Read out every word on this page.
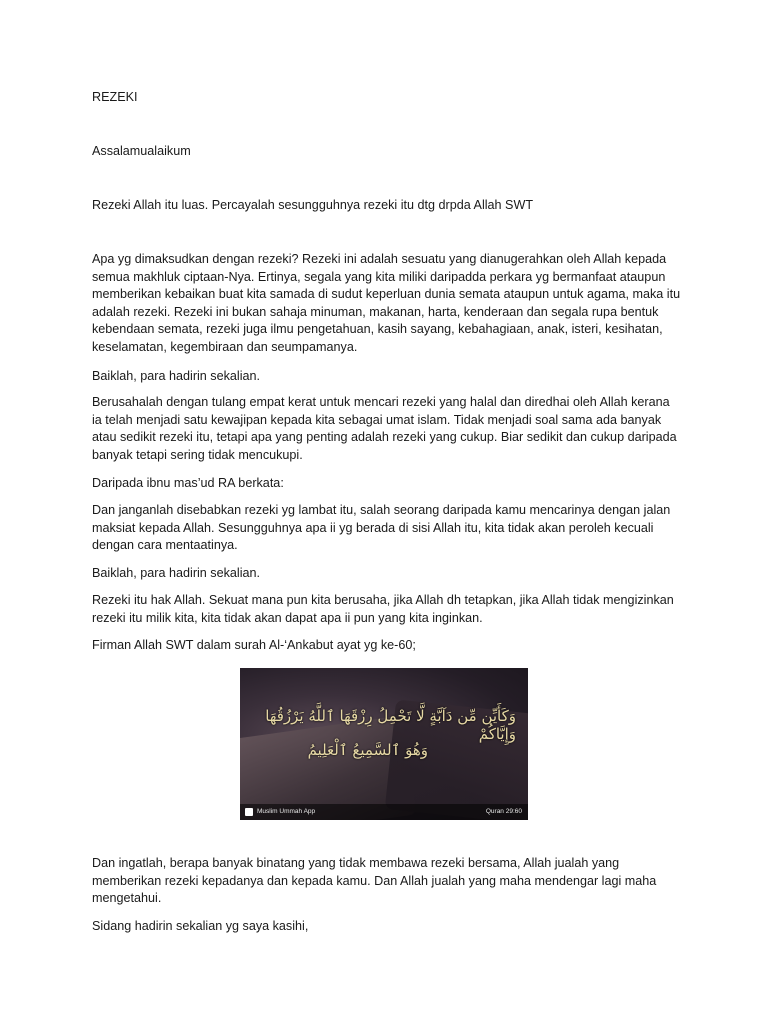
REZEKI

Assalamualaikum

Rezeki Allah itu luas. Percayalah sesungguhnya rezeki itu dtg drpda Allah SWT

Apa yg dimaksudkan dengan rezeki? Rezeki ini adalah sesuatu yang dianugerahkan oleh Allah kepada semua makhluk ciptaan-Nya. Ertinya, segala yang kita miliki daripadda perkara yg bermanfaat ataupun memberikan kebaikan buat kita samada di sudut keperluan dunia semata ataupun untuk agama, maka itu adalah rezeki. Rezeki ini bukan sahaja minuman, makanan, harta, kenderaan dan segala rupa bentuk kebendaan semata, rezeki juga ilmu pengetahuan, kasih sayang, kebahagiaan, anak, isteri, kesihatan, keselamatan, kegembiraan dan seumpamanya.

Baiklah, para hadirin sekalian.

Berusahalah dengan tulang empat kerat untuk mencari rezeki yang halal dan diredhai oleh Allah kerana ia telah menjadi satu kewajipan kepada kita sebagai umat islam. Tidak menjadi soal sama ada banyak atau sedikit rezeki itu, tetapi apa yang penting adalah rezeki yang cukup. Biar sedikit dan cukup daripada banyak tetapi sering tidak mencukupi.

Daripada ibnu mas’ud RA berkata:

Dan janganlah disebabkan rezeki yg lambat itu, salah seorang daripada kamu mencarinya dengan jalan maksiat kepada Allah. Sesungguhnya apa ii yg berada di sisi Allah itu, kita tidak akan peroleh kecuali dengan cara mentaatinya.

Baiklah, para hadirin sekalian.

Rezeki itu hak Allah. Sekuat mana pun kita berusaha, jika Allah dh tetapkan, jika Allah tidak mengizinkan rezeki itu milik kita, kita tidak akan dapat apa ii pun yang kita inginkan.

Firman Allah SWT dalam surah Al-‘Ankabut ayat yg ke-60;

وَكَأَيِّن مِّن دَآبَّةٍ لَّا تَحْمِلُ رِزْقَهَا ٱللَّهُ يَرْزُقُهَا وَإِيَّاكُمْ
وَهُوَ ٱلسَّمِيعُ ٱلْعَلِيمُ
Muslim Ummah App	Quran 29:60

Dan ingatlah, berapa banyak binatang yang tidak membawa rezeki bersama, Allah jualah yang memberikan rezeki kepadanya dan kepada kamu. Dan Allah jualah yang maha mendengar lagi maha mengetahui.

Sidang hadirin sekalian yg saya kasihi,
